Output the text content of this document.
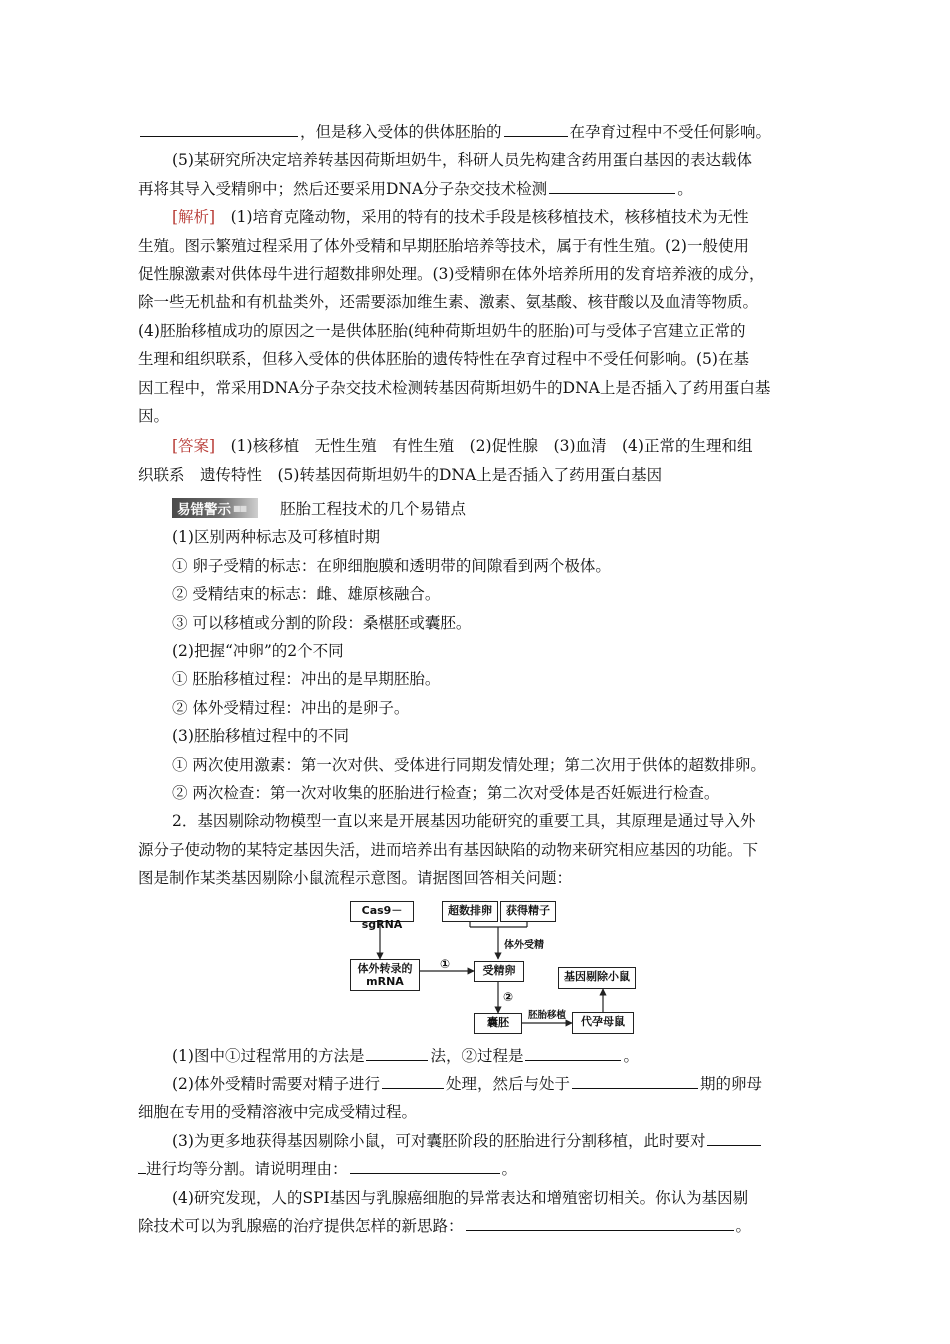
，但是移入受体的供体胚胎的	在孕育过程中不受任何影响。

(5)某研究所决定培养转基因荷斯坦奶牛，科研人员先构建含药用蛋白基因的表达载体
再将其导入受精卵中；然后还要采用DNA分子杂交技术检测	。

[解析]　 (1)培育克隆动物，采用的特有的技术手段是核移植技术，核移植技术为无性

生殖。图示繁殖过程采用了体外受精和早期胚胎培养等技术，属于有性生殖。(2)一般使用

促性腺激素对供体母牛进行超数排卵处理。(3)受精卵在体外培养所用的发育培养液的成分，

除一些无机盐和有机盐类外，还需要添加维生素、激素、氨基酸、核苷酸以及血清等物质。

(4)胚胎移植成功的原因之一是供体胚胎(纯种荷斯坦奶牛的胚胎)可与受体子宫建立正常的

生理和组织联系，但移入受体的供体胚胎的遗传特性在孕育过程中不受任何影响。(5)在基

因工程中，常采用DNA分子杂交技术检测转基因荷斯坦奶牛的DNA上是否插入了药用蛋白基

因。

[答案]　 (1)核移植　无性生殖　有性生殖　(2)促性腺　(3)血清　(4)正常的生理和组

织联系　遗传特性　(5)转基因荷斯坦奶牛的DNA上是否插入了药用蛋白基因

易错警示 ■■ 胚胎工程技术的几个易错点

(1)区别两种标志及可移植时期

① 卵子受精的标志：在卵细胞膜和透明带的间隙看到两个极体。

② 受精结束的标志：雌、雄原核融合。

③ 可以移植或分割的阶段：桑椹胚或囊胚。

(2)把握“冲卵”的2个不同

① 胚胎移植过程：冲出的是早期胚胎。

② 体外受精过程：冲出的是卵子。

(3)胚胎移植过程中的不同

① 两次使用激素：第一次对供、受体进行同期发情处理；第二次用于供体的超数排卵。

② 两次检查：第一次对收集的胚胎进行检查；第二次对受体是否妊娠进行检查。

2．基因剔除动物模型一直以来是开展基因功能研究的重要工具，其原理是通过导入外

源分子使动物的某特定基因失活，进而培养出有基因缺陷的动物来研究相应基因的功能。下

图是制作某类基因剔除小鼠流程示意图。请据图回答相关问题：

Cas9－sgRNA
超数排卵	获得精子
体外受精
体外转录的
mRNA
①	受精卵
②
基因剔除小鼠
囊胚
胚胎移植	代孕母鼠

(1)图中①过程常用的方法是	法，②过程是	。

(2)体外受精时需要对精子进行	处理，然后与处于	期的卵母

细胞在专用的受精溶液中完成受精过程。

(3)为更多地获得基因剔除小鼠，可对囊胚阶段的胚胎进行分割移植，此时要对

进行均等分割。请说明理由：	。

(4)研究发现，人的SPI基因与乳腺癌细胞的异常表达和增殖密切相关。你认为基因剔

除技术可以为乳腺癌的治疗提供怎样的新思路：	。
